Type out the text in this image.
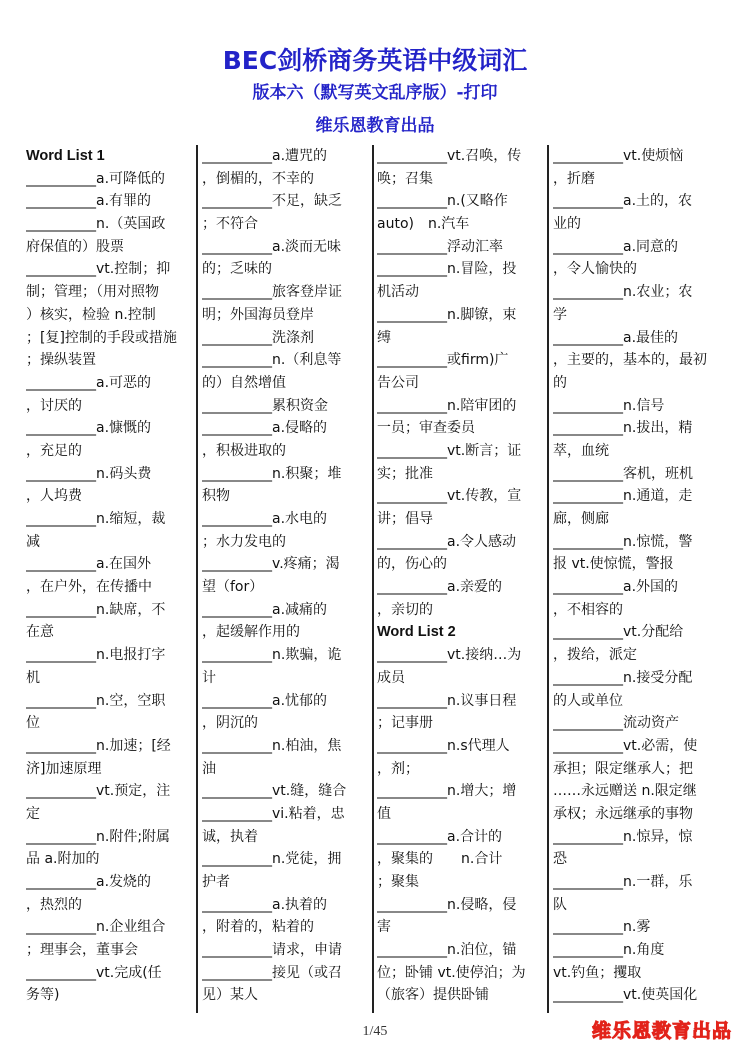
BEC剑桥商务英语中级词汇
版本六（默写英文乱序版）-打印
维乐恩教育出品
Word List 1
__________a.可降低的
__________a.有罪的
__________n.（英国政
府保值的）股票
__________vt.控制；抑
制；管理；（用对照物
）核实，检验 n.控制
；[复]控制的手段或措施
；操纵装置
__________a.可恶的
，讨厌的
__________a.慷慨的
，充足的
__________n.码头费
，人坞费
__________n.缩短，裁
减
__________a.在国外
，在户外，在传播中
__________n.缺席，不
在意
__________n.电报打字
机
__________n.空，空职
位
__________n.加速；[经
济]加速原理
__________vt.预定，注
定
__________n.附件;附属
品 a.附加的
__________a.发烧的
，热烈的
__________n.企业组合
；理事会，董事会
__________vt.完成(任
务等)
__________a.遭咒的
，倒楣的，不幸的
__________不足，缺乏
；不符合
__________a.淡而无味
的；乏味的
__________旅客登岸证
明；外国海员登岸
__________洗涤剂
__________n.（利息等
的）自然增值
__________累积资金
__________a.侵略的
，积极进取的
__________n.积聚；堆
积物
__________a.水电的
；水力发电的
__________v.疼痛；渴
望（for）
__________a.减痛的
，起缓解作用的
__________n.欺骗，诡
计
__________a.忧郁的
，阴沉的
__________n.柏油，焦
油
__________vt.缝，缝合
__________vi.粘着，忠
诚，执着
__________n.党徒，拥
护者
__________a.执着的
，附着的，粘着的
__________请求，申请
__________接见（或召
见）某人
__________vt.召唤，传
唤；召集
__________n.(又略作
auto)　n.汽车
__________浮动汇率
__________n.冒险，投
机活动
__________n.脚镣，束
缚
__________或firm)广
告公司
__________n.陪审团的
一员；审查委员
__________vt.断言；证
实；批准
__________vt.传教，宣
讲；倡导
__________a.令人感动
的，伤心的
__________a.亲爱的
，亲切的
Word List 2
__________vt.接纳…为
成员
__________n.议事日程
；记事册
__________n.s代理人
，剂；
__________n.增大；增
值
__________a.合计的
，聚集的　　n.合计
；聚集
__________n.侵略，侵
害
__________n.泊位，锚
位；卧铺 vt.使停泊；为
（旅客）提供卧铺
__________vt.使烦恼
，折磨
__________a.土的，农
业的
__________a.同意的
，令人愉快的
__________n.农业；农
学
__________a.最佳的
，主要的，基本的，最初
的
__________n.信号
__________n.拔出，精
萃，血统
__________客机，班机
__________n.通道，走
廊，侧廊
__________n.惊慌，警
报 vt.使惊慌，警报
__________a.外国的
，不相容的
__________vt.分配给
，拨给，派定
__________n.接受分配
的人或单位
__________流动资产
__________vt.必需，使
承担；限定继承人；把
……永远赠送 n.限定继
承权；永远继承的事物
__________n.惊异，惊
恐
__________n.一群，乐
队
__________n.雾
__________n.角度
vt.钓鱼；攫取
__________vt.使英国化
1/45	维乐恩教育出品
